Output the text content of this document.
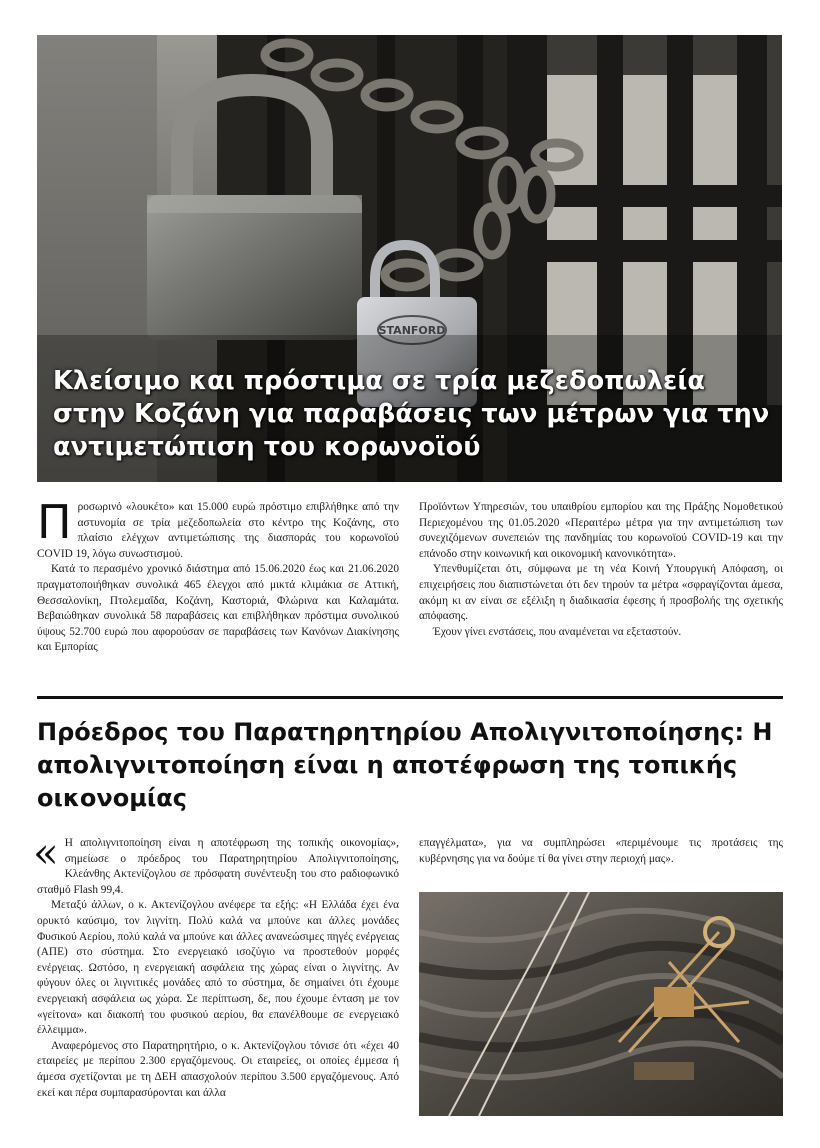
STANFORD
Κλείσιμο και πρόστιμα σε τρία μεζεδοπωλεία στην Κοζάνη για παραβάσεις των μέτρων για την αντιμετώπιση του κορωνοϊού

Προσωρινό «λουκέτο» και 15.000 ευρώ πρόστιμο επιβλήθηκε από την αστυνομία σε τρία μεζεδοπωλεία στο κέντρο της Κοζάνης, στο πλαίσιο ελέγχων αντιμετώπισης της διασποράς του κορωνοϊού COVID 19, λόγω συνωστισμού.

Κατά το περασμένο χρονικό διάστημα από 15.06.2020 έως και 21.06.2020 πραγματοποιήθηκαν συνολικά 465 έλεγχοι από μικτά κλιμάκια σε Αττική, Θεσσαλονίκη, Πτολεμαΐδα, Κοζάνη, Καστοριά, Φλώρινα και Καλαμάτα. Βεβαιώθηκαν συνολικά 58 παραβάσεις και επιβλήθηκαν πρόστιμα συνολικού ύψους 52.700 ευρώ που αφορούσαν σε παραβάσεις των Κανόνων Διακίνησης και Εμπορίας

Προϊόντων Υπηρεσιών, του υπαιθρίου εμπορίου και της Πράξης Νομοθετικού Περιεχομένου της 01.05.2020 «Περαιτέρω μέτρα για την αντιμετώπιση των συνεχιζόμενων συνεπειών της πανδημίας του κορωνοϊού COVID-19 και την επάνοδο στην κοινωνική και οικονομική κανονικότητα».

Υπενθυμίζεται ότι, σύμφωνα με τη νέα Κοινή Υπουργική Απόφαση, οι επιχειρήσεις που διαπιστώνεται ότι δεν τηρούν τα μέτρα «σφραγίζονται άμεσα, ακόμη κι αν είναι σε εξέλιξη η διαδικασία έφεσης ή προσβολής της σχετικής απόφασης.

Έχουν γίνει ενστάσεις, που αναμένεται να εξεταστούν.

Πρόεδρος του Παρατηρητηρίου Απολιγνιτοποίησης: Η απολιγνιτοποίηση είναι η αποτέφρωση της τοπικής οικονομίας

« Η απολιγνιτοποίηση είναι η αποτέφρωση της τοπικής οικονομίας», σημείωσε ο πρόεδρος του Παρατηρητηρίου Απολιγνιτοποίησης, Κλεάνθης Ακτενίζογλου σε πρόσφατη συνέντευξη του στο ραδιοφωνικό σταθμό Flash 99,4.

Μεταξύ άλλων, ο κ. Ακτενίζογλου ανέφερε τα εξής: «Η Ελλάδα έχει ένα ορυκτό καύσιμο, τον λιγνίτη. Πολύ καλά να μπούνε και άλλες μονάδες Φυσικού Αερίου, πολύ καλά να μπούνε και άλλες ανανεώσιμες πηγές ενέργειας (ΑΠΕ) στο σύστημα. Στο ενεργειακό ισοζύγιο να προστεθούν μορφές ενέργειας. Ωστόσο, η ενεργειακή ασφάλεια της χώρας είναι ο λιγνίτης. Αν φύγουν όλες οι λιγνιτικές μονάδες από το σύστημα, δε σημαίνει ότι έχουμε ενεργειακή ασφάλεια ως χώρα. Σε περίπτωση, δε, που έχουμε ένταση με τον «γείτονα» και διακοπή του φυσικού αερίου, θα επανέλθουμε σε ενεργειακό έλλειμμα».

Αναφερόμενος στο Παρατηρητήριο, ο κ. Ακτενίζογλου τόνισε ότι «έχει 40 εταιρείες με περίπου 2.300 εργαζόμενους. Οι εταιρείες, οι οποίες έμμεσα ή άμεσα σχετίζονται με τη ΔΕΗ απασχολούν περίπου 3.500 εργαζόμενους. Από εκεί και πέρα συμπαρασύρονται και άλλα

επαγγέλματα», για να συμπληρώσει «περιμένουμε τις προτάσεις της κυβέρνησης για να δούμε τί θα γίνει στην περιοχή μας».
